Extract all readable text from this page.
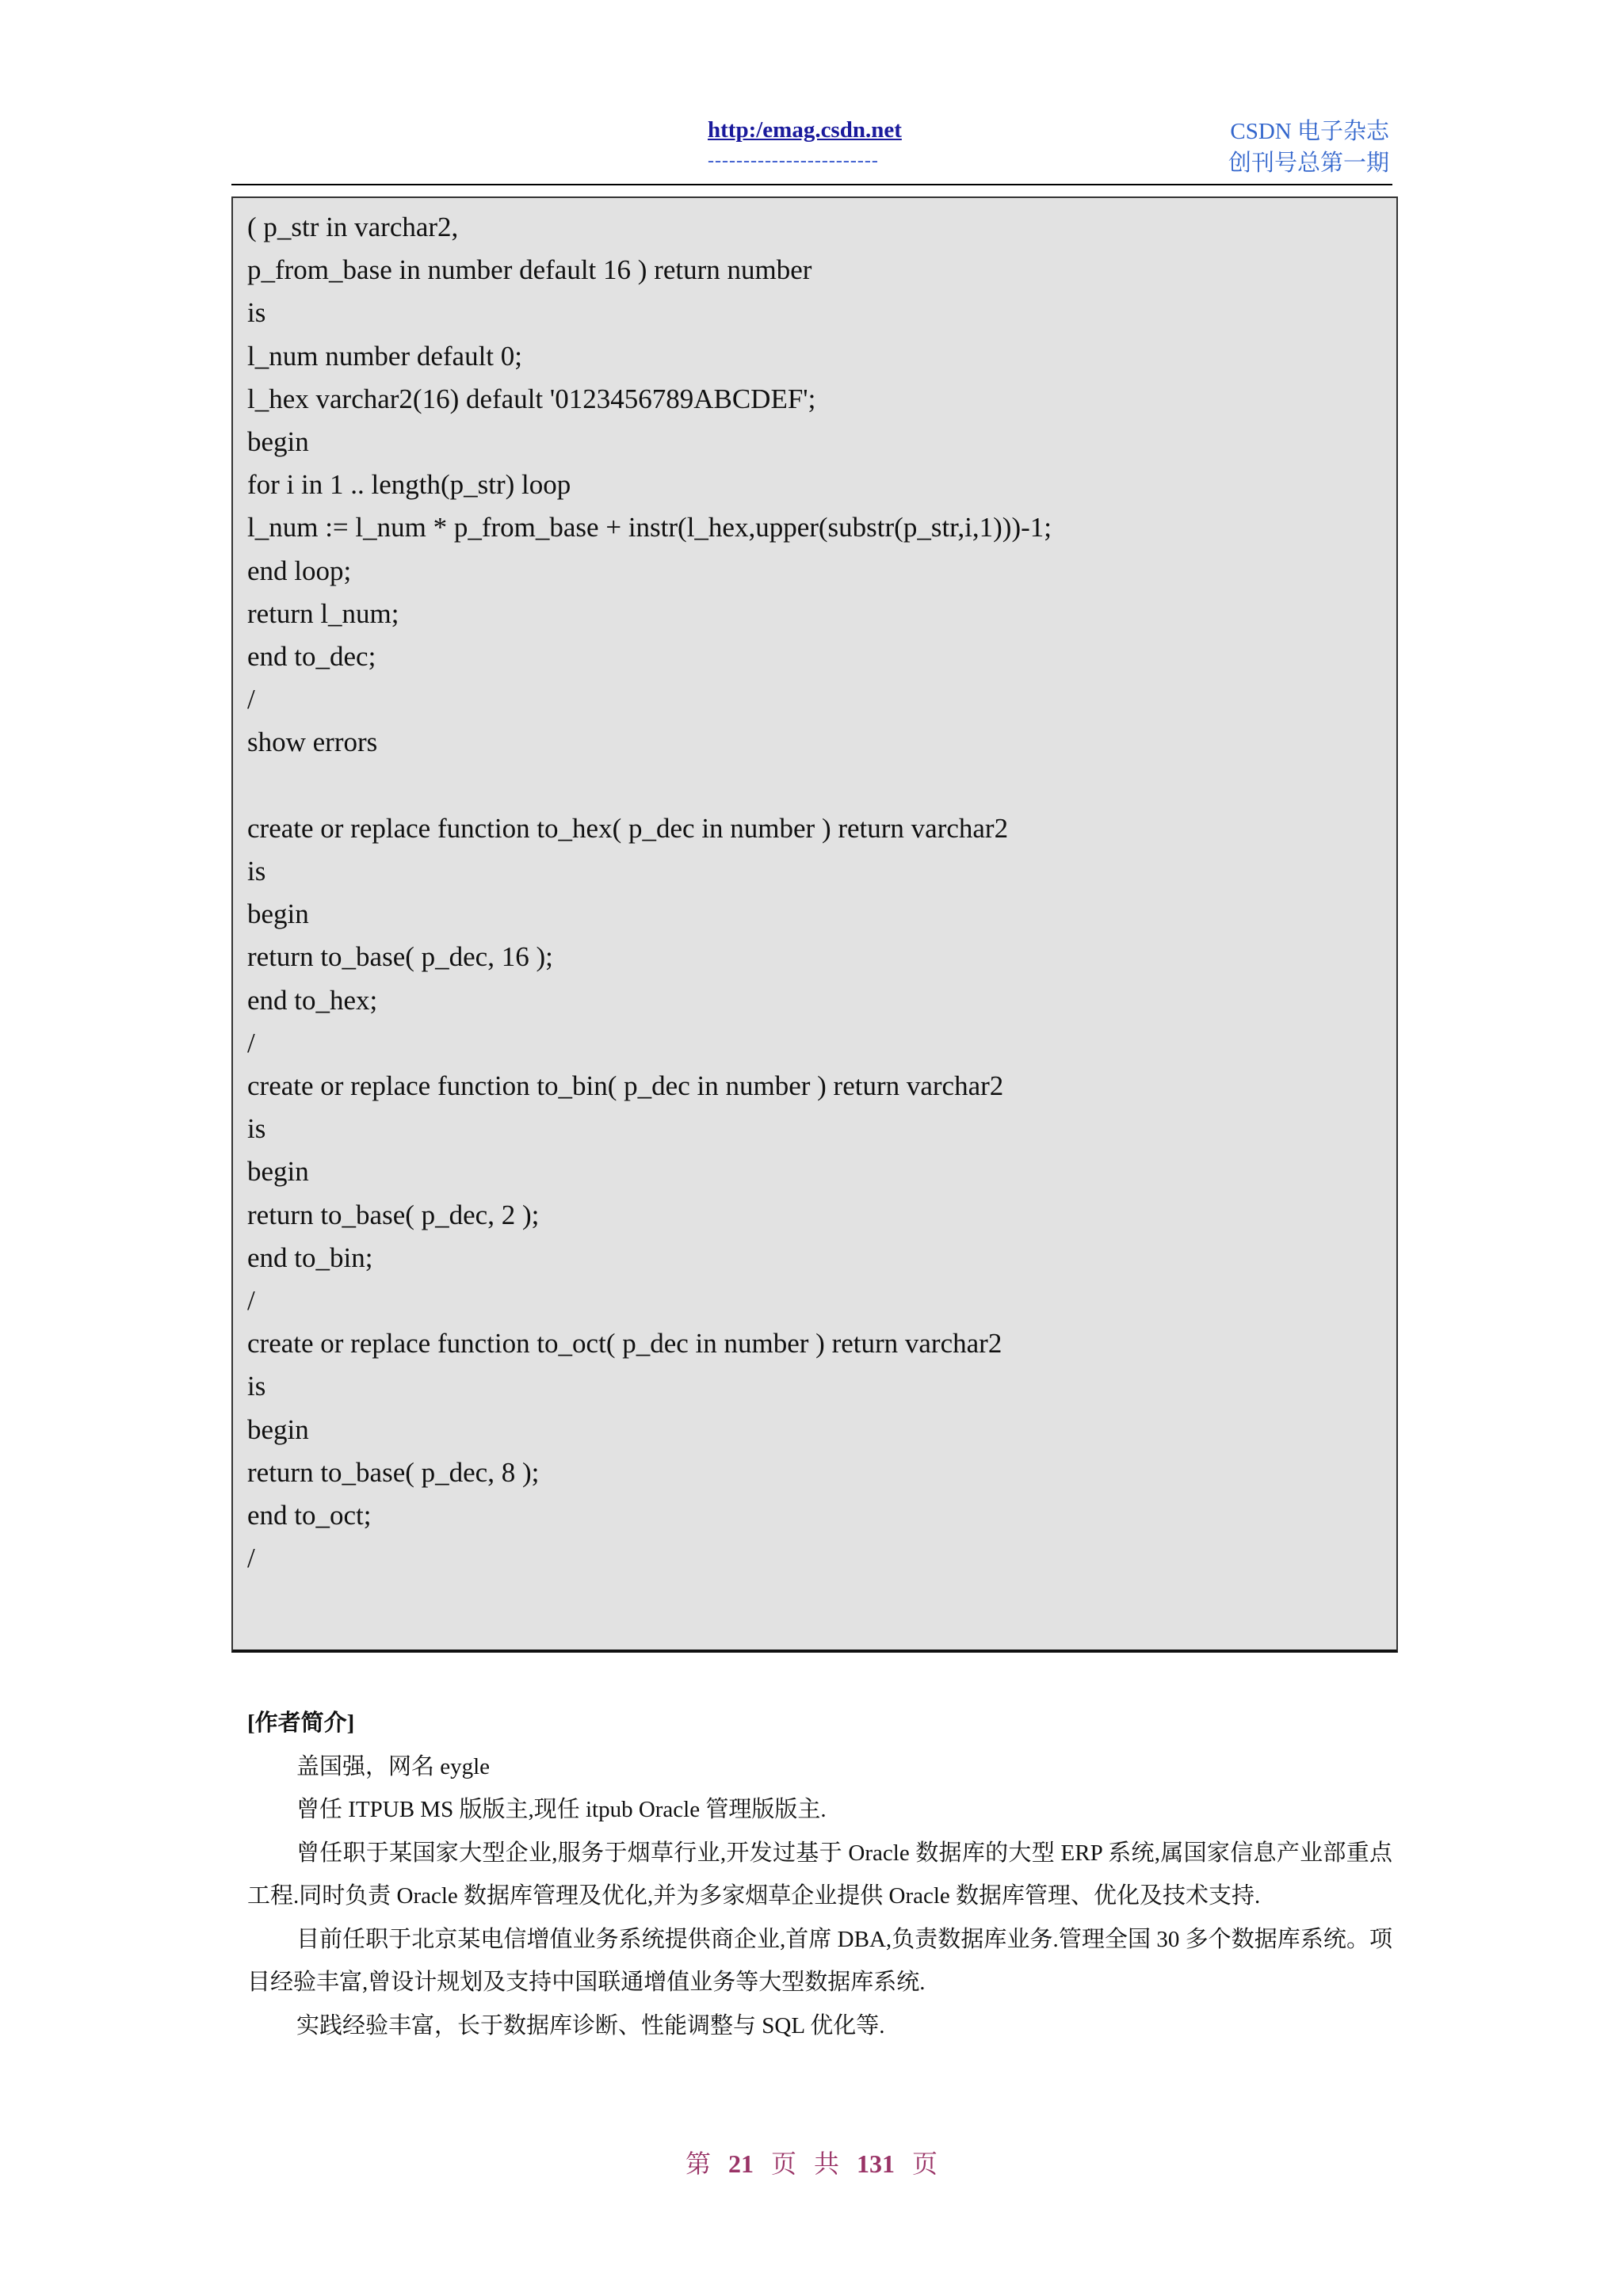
http:/emag.csdn.net
------------------------
CSDN 电子杂志
创刊号总第一期
( p_str in varchar2,
p_from_base in number default 16 ) return number
is
l_num number default 0;
l_hex varchar2(16) default '0123456789ABCDEF';
begin
for i in 1 .. length(p_str) loop
l_num := l_num * p_from_base + instr(l_hex,upper(substr(p_str,i,1)))-1;
end loop;
return l_num;
end to_dec;
/
show errors

create or replace function to_hex( p_dec in number ) return varchar2
is
begin
return to_base( p_dec, 16 );
end to_hex;
/
create or replace function to_bin( p_dec in number ) return varchar2
is
begin
return to_base( p_dec, 2 );
end to_bin;
/
create or replace function to_oct( p_dec in number ) return varchar2
is
begin
return to_base( p_dec, 8 );
end to_oct;
/
[作者简介]

盖国强，网名 eygle

曾任 ITPUB MS 版版主,现任 itpub Oracle 管理版版主.

曾任职于某国家大型企业,服务于烟草行业,开发过基于 Oracle 数据库的大型 ERP 系统,属国家信息产业部重点工程.同时负责 Oracle 数据库管理及优化,并为多家烟草企业提供 Oracle 数据库管理、优化及技术支持.

目前任职于北京某电信增值业务系统提供商企业,首席 DBA,负责数据库业务.管理全国 30 多个数据库系统。项目经验丰富,曾设计规划及支持中国联通增值业务等大型数据库系统.

实践经验丰富，长于数据库诊断、性能调整与 SQL 优化等.

第 21 页 共 131 页
